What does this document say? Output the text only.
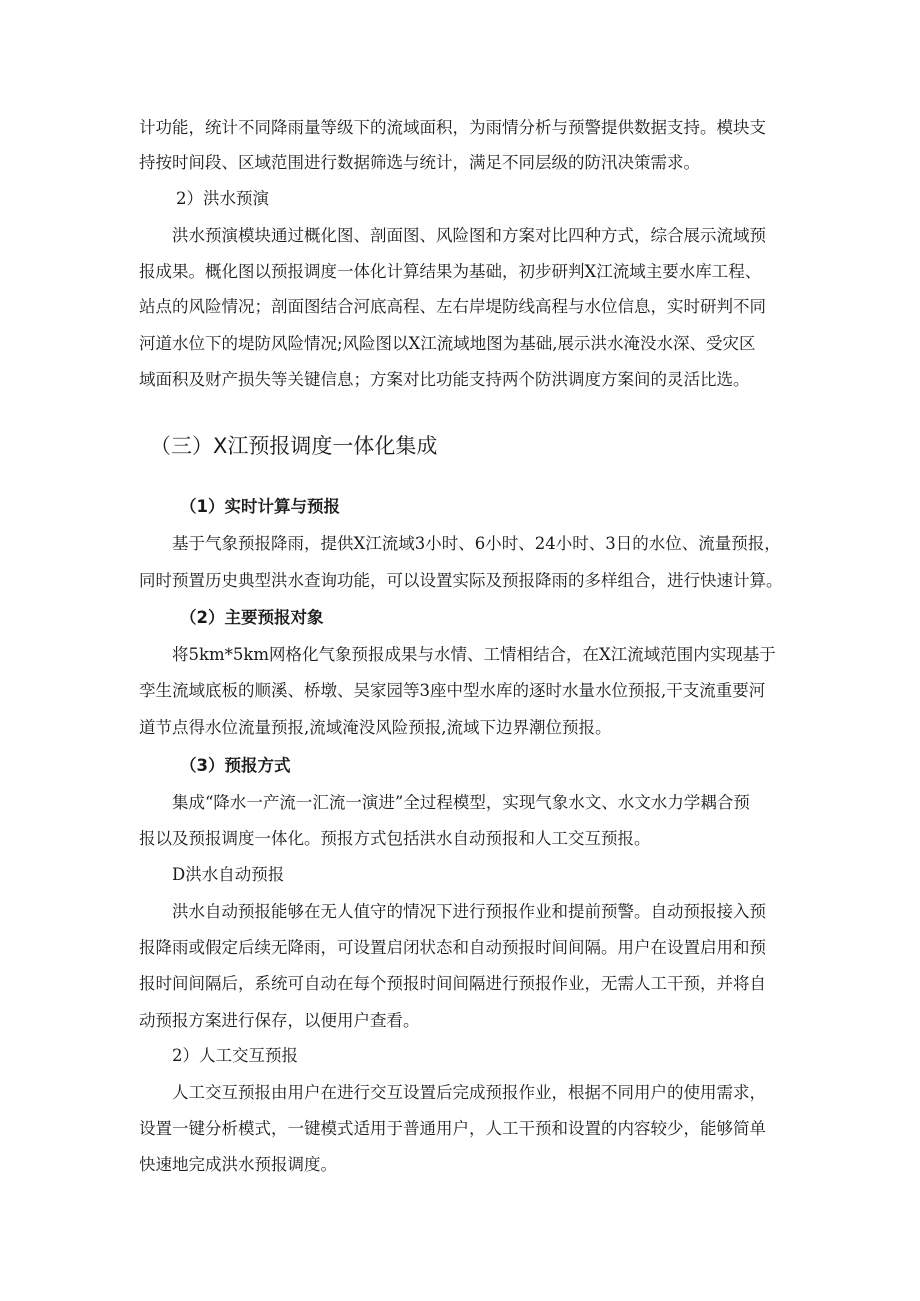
计功能，统计不同降雨量等级下的流域面积，为雨情分析与预警提供数据支持。模块支
持按时间段、区域范围进行数据筛选与统计，满足不同层级的防汛决策需求。
2）洪水预演
洪水预演模块通过概化图、剖面图、风险图和方案对比四种方式，综合展示流域预
报成果。概化图以预报调度一体化计算结果为基础，初步研判X江流域主要水库工程、
站点的风险情况；剖面图结合河底高程、左右岸堤防线高程与水位信息，实时研判不同
河道水位下的堤防风险情况;风险图以X江流域地图为基础,展示洪水淹没水深、受灾区
域面积及财产损失等关键信息；方案对比功能支持两个防洪调度方案间的灵活比选。
（三）X江预报调度一体化集成
（1）实时计算与预报
基于气象预报降雨，提供X江流域3小时、6小时、24小时、3日的水位、流量预报，
同时预置历史典型洪水查询功能，可以设置实际及预报降雨的多样组合，进行快速计算。
（2）主要预报对象
将5km*5km网格化气象预报成果与水情、工情相结合，在X江流域范围内实现基于
孪生流域底板的顺溪、桥墩、吴家园等3座中型水库的逐时水量水位预报,干支流重要河
道节点得水位流量预报,流域淹没风险预报,流域下边界潮位预报。
（3）预报方式
集成“降水一产流一汇流一演进”全过程模型，实现气象水文、水文水力学耦合预
报以及预报调度一体化。预报方式包括洪水自动预报和人工交互预报。
D洪水自动预报
洪水自动预报能够在无人值守的情况下进行预报作业和提前预警。自动预报接入预
报降雨或假定后续无降雨，可设置启闭状态和自动预报时间间隔。用户在设置启用和预
报时间间隔后，系统可自动在每个预报时间间隔进行预报作业，无需人工干预，并将自
动预报方案进行保存，以便用户查看。
2）人工交互预报
人工交互预报由用户在进行交互设置后完成预报作业，根据不同用户的使用需求，
设置一键分析模式，一键模式适用于普通用户，人工干预和设置的内容较少，能够简单
快速地完成洪水预报调度。
